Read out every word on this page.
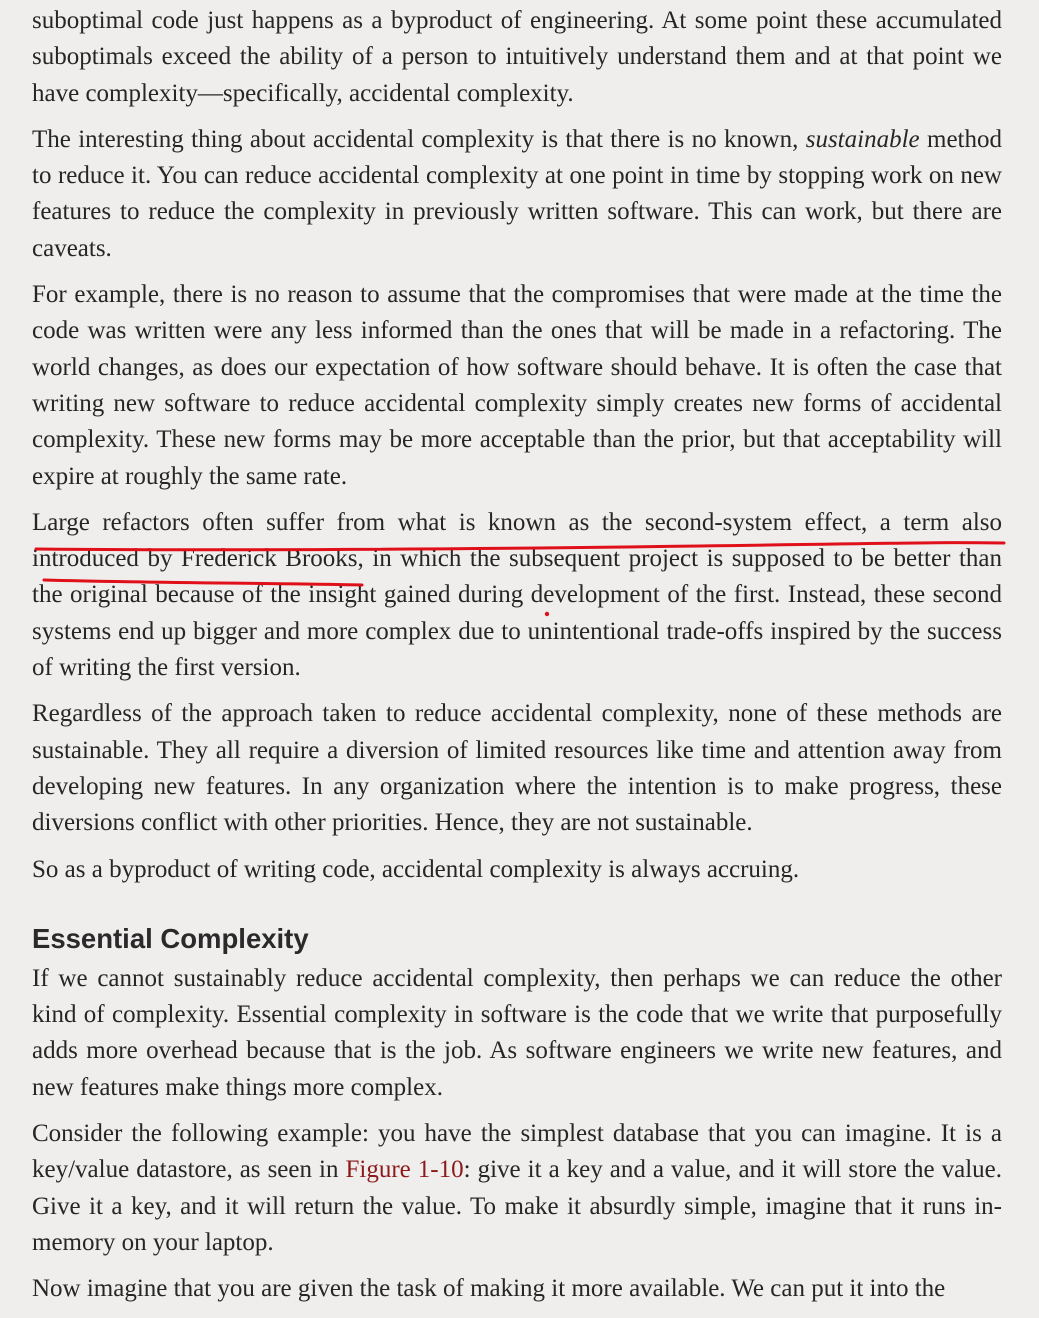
suboptimal code just happens as a byproduct of engineering. At some point these accumulated suboptimals exceed the ability of a person to intuitively understand them and at that point we have complexity—specifically, accidental complexity.

The interesting thing about accidental complexity is that there is no known, sustainable method to reduce it. You can reduce accidental complexity at one point in time by stopping work on new features to reduce the complexity in previously written software. This can work, but there are caveats.

For example, there is no reason to assume that the compromises that were made at the time the code was written were any less informed than the ones that will be made in a refactoring. The world changes, as does our expectation of how software should behave. It is often the case that writing new software to reduce accidental complexity simply creates new forms of accidental complexity. These new forms may be more acceptable than the prior, but that acceptability will expire at roughly the same rate.

Large refactors often suffer from what is known as the second-system effect, a term also introduced by Frederick Brooks, in which the subsequent project is supposed to be better than the original because of the insight gained during development of the first. Instead, these second systems end up bigger and more complex due to unintentional trade-offs inspired by the success of writing the first version.

Regardless of the approach taken to reduce accidental complexity, none of these methods are sustainable. They all require a diversion of limited resources like time and attention away from developing new features. In any organization where the intention is to make progress, these diversions conflict with other priorities. Hence, they are not sustainable.

So as a byproduct of writing code, accidental complexity is always accruing.

Essential Complexity

If we cannot sustainably reduce accidental complexity, then perhaps we can reduce the other kind of complexity. Essential complexity in software is the code that we write that purposefully adds more overhead because that is the job. As software engineers we write new features, and new features make things more complex.

Consider the following example: you have the simplest database that you can imagine. It is a key/value datastore, as seen in Figure 1-10: give it a key and a value, and it will store the value. Give it a key, and it will return the value. To make it absurdly simple, imagine that it runs in-memory on your laptop.

Now imagine that you are given the task of making it more available. We can put it into the
